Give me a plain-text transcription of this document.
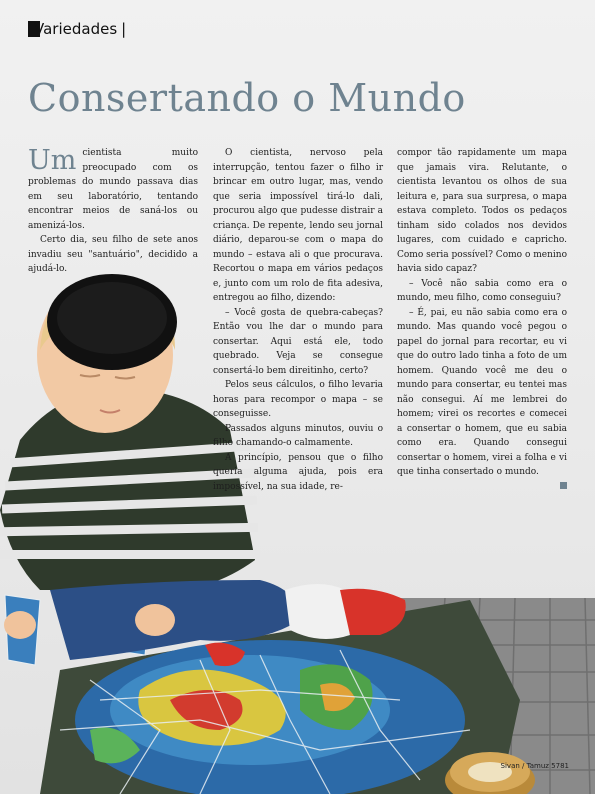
Variedades |
Consertando o Mundo

Um cientista muito preocupado com os problemas do mundo passava dias em seu laboratório, tentando encontrar meios de saná-los ou amenizá-los.

Certo dia, seu filho de sete anos invadiu seu "santuário", decidido a ajudá-lo.

O cientista, nervoso pela interrupção, tentou fazer o filho ir brincar em outro lugar, mas, vendo que seria impossível tirá-lo dali, procurou algo que pudesse distrair a criança. De repente, lendo seu jornal diário, deparou-se com o mapa do mundo – estava ali o que procurava. Recortou o mapa em vários pedaços e, junto com um rolo de fita adesiva, entregou ao filho, dizendo:

– Você gosta de quebra-cabeças? Então vou lhe dar o mundo para consertar. Aqui está ele, todo quebrado. Veja se consegue consertá-lo bem direitinho, certo?

Pelos seus cálculos, o filho levaria horas para recompor o mapa – se conseguisse.

Passados alguns minutos, ouviu o filho chamando-o calmamente.

A princípio, pensou que o filho queria alguma ajuda, pois era impossível, na sua idade, re-

compor tão rapidamente um mapa que jamais vira. Relutante, o cientista levantou os olhos de sua leitura e, para sua surpresa, o mapa estava completo. Todos os pedaços tinham sido colados nos devidos lugares, com cuidado e capricho. Como seria possível? Como o menino havia sido capaz?

– Você não sabia como era o mundo, meu filho, como conseguiu?

– É, pai, eu não sabia como era o mundo. Mas quando você pegou o papel do jornal para recortar, eu vi que do outro lado tinha a foto de um homem. Quando você me deu o mundo para consertar, eu tentei mas não consegui. Aí me lembrei do homem; virei os recortes e comecei a consertar o homem, que eu sabia como era. Quando consegui consertar o homem, virei a folha e vi que tinha consertado o mundo.

Sivan / Tamuz 5781
